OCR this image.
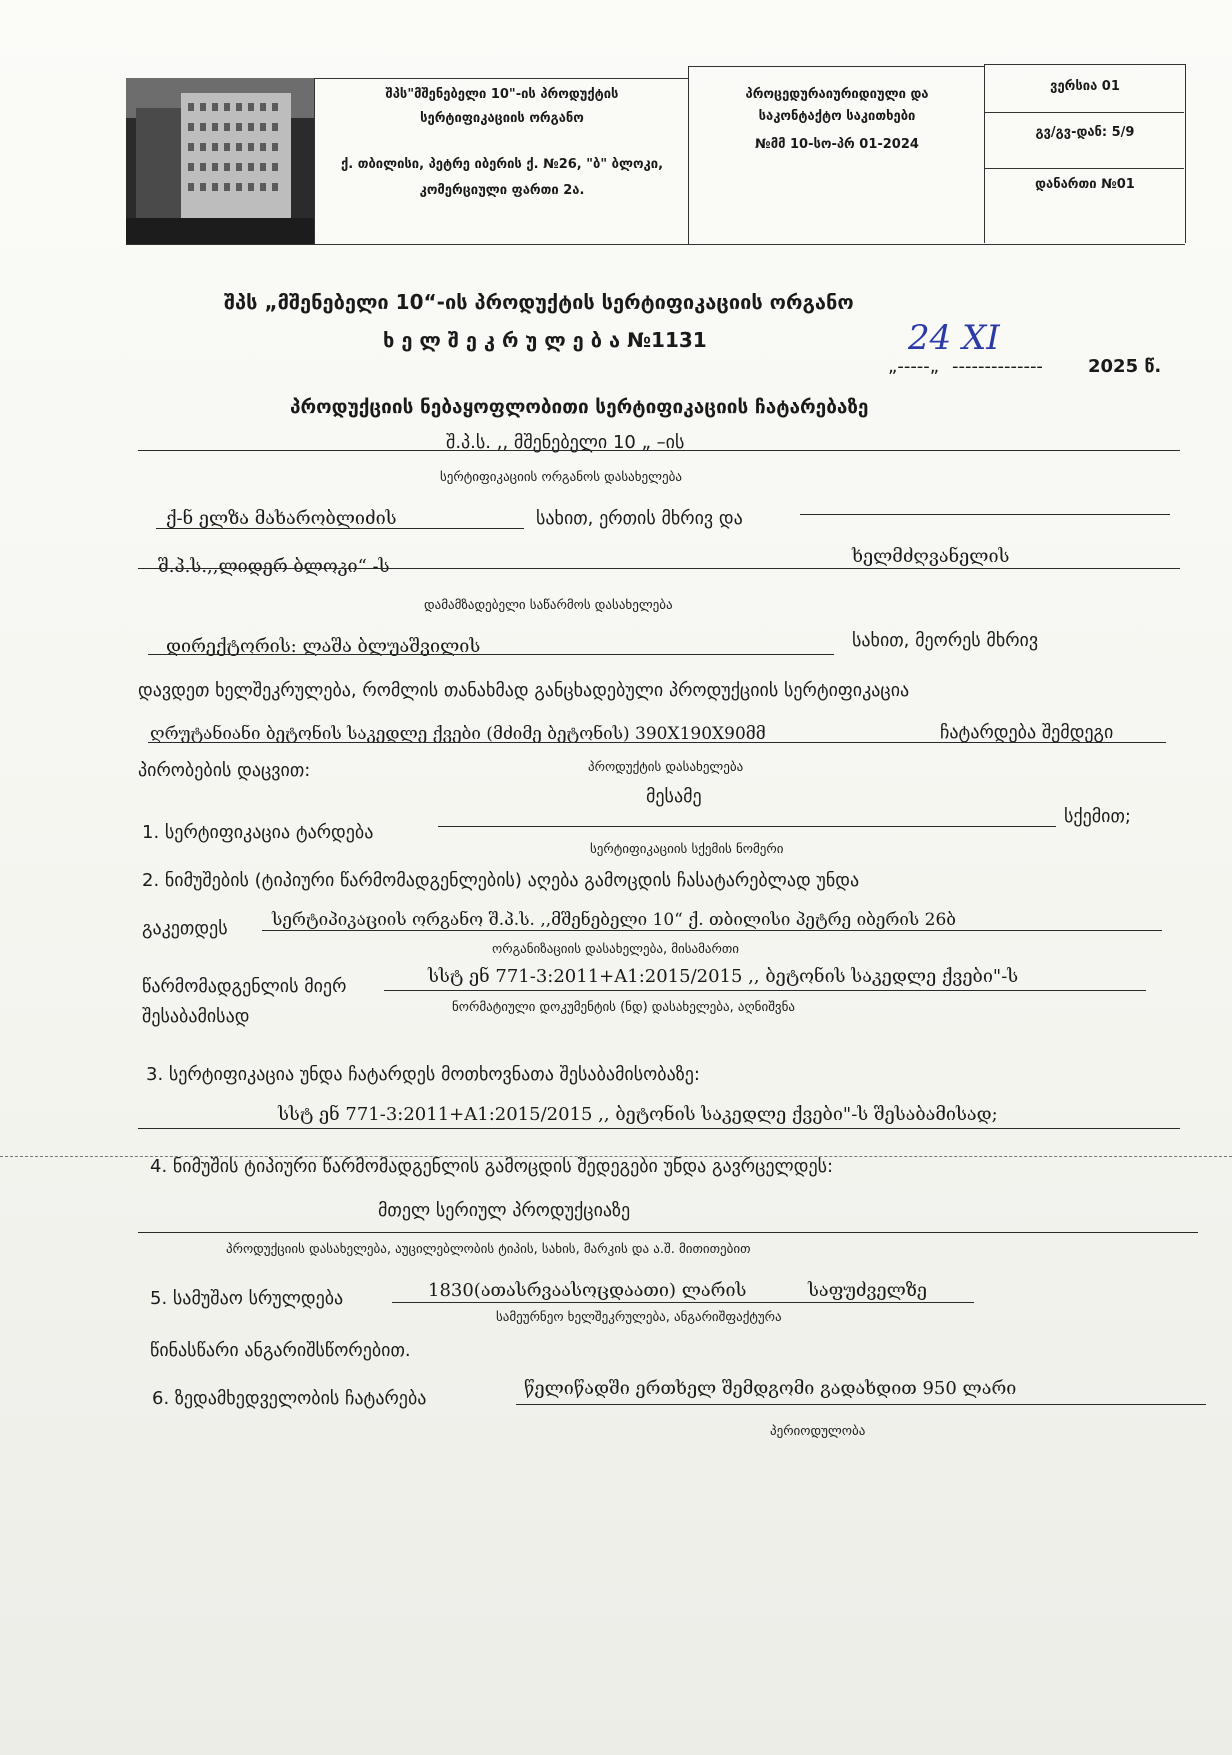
შპს"მშენებელი 10"-ის პროდუქტის
სერტიფიკაციის ორგანო
ქ. თბილისი, პეტრე იბერის ქ. №26, "ბ" ბლოკი,
კომერციული ფართი 2ა.
პროცედურაიურიდიული და
საკონტაქტო საკითხები
№მმ 10-სო-პრ 01-2024
ვერსია 01
გვ/გვ-დან: 5/9
დანართი №01
შპს „მშენებელი 10“-ის პროდუქტის სერტიფიკაციის ორგანო
ხ ე ლ შ ე კ რ უ ლ ე ბ ა №1131	24 XI
„-----„ --------------	2025 წ.
პროდუქციის ნებაყოფლობითი სერტიფიკაციის ჩატარებაზე
შ.პ.ს. ,, მშენებელი 10 „ –ის
სერტიფიკაციის ორგანოს დასახელება
ქ-ნ ელზა მახარობლიძის	სახით, ერთის მხრივ და
შ.პ.ს.,,ლიდერ ბლოკი“ -ს	ხელმძღვანელის
დამამზადებელი საწარმოს დასახელება
დირექტორის: ლაშა ბლუაშვილის	სახით, მეორეს მხრივ
დავდეთ ხელშეკრულება, რომლის თანახმად განცხადებული პროდუქციის სერტიფიკაცია
ღრუტანიანი ბეტონის საკედლე ქვები (მძიმე ბეტონის) 390X190X90მმ	ჩატარდება შემდეგი
პირობების დაცვით:	პროდუქტის დასახელება
მესამე
1. სერტიფიკაცია ტარდება
სქემით;
სერტიფიკაციის სქემის ნომერი
2. ნიმუშების (ტიპიური წარმომადგენლების) აღება გამოცდის ჩასატარებლად უნდა
გაკეთდეს	სერტიპიკაციის ორგანო შ.პ.ს. ,,მშენებელი 10“ ქ. თბილისი პეტრე იბერის 26ბ
ორგანიზაციის დასახელება, მისამართი
წარმომადგენლის მიერ	სსტ ენ 771-3:2011+A1:2015/2015 ,, ბეტონის საკედლე ქვები"-ს
შესაბამისად	ნორმატიული დოკუმენტის (ნდ) დასახელება, აღნიშვნა
3. სერტიფიკაცია უნდა ჩატარდეს მოთხოვნათა შესაბამისობაზე:
სსტ ენ 771-3:2011+A1:2015/2015 ,, ბეტონის საკედლე ქვები"-ს შესაბამისად;
4. ნიმუშის ტიპიური წარმომადგენლის გამოცდის შედეგები უნდა გავრცელდეს:
მთელ სერიულ პროდუქციაზე
პროდუქციის დასახელება, აუცილებლობის ტიპის, სახის, მარკის და ა.შ. მითითებით
5. სამუშაო სრულდება	1830(ათასრვაასოცდაათი) ლარის	საფუძველზე
სამეურნეო ხელშეკრულება, ანგარიშფაქტურა
წინასწარი ანგარიშსწორებით.
6. ზედამხედველობის ჩატარება	წელიწადში ერთხელ შემდგომი გადახდით 950 ლარი
პერიოდულობა
